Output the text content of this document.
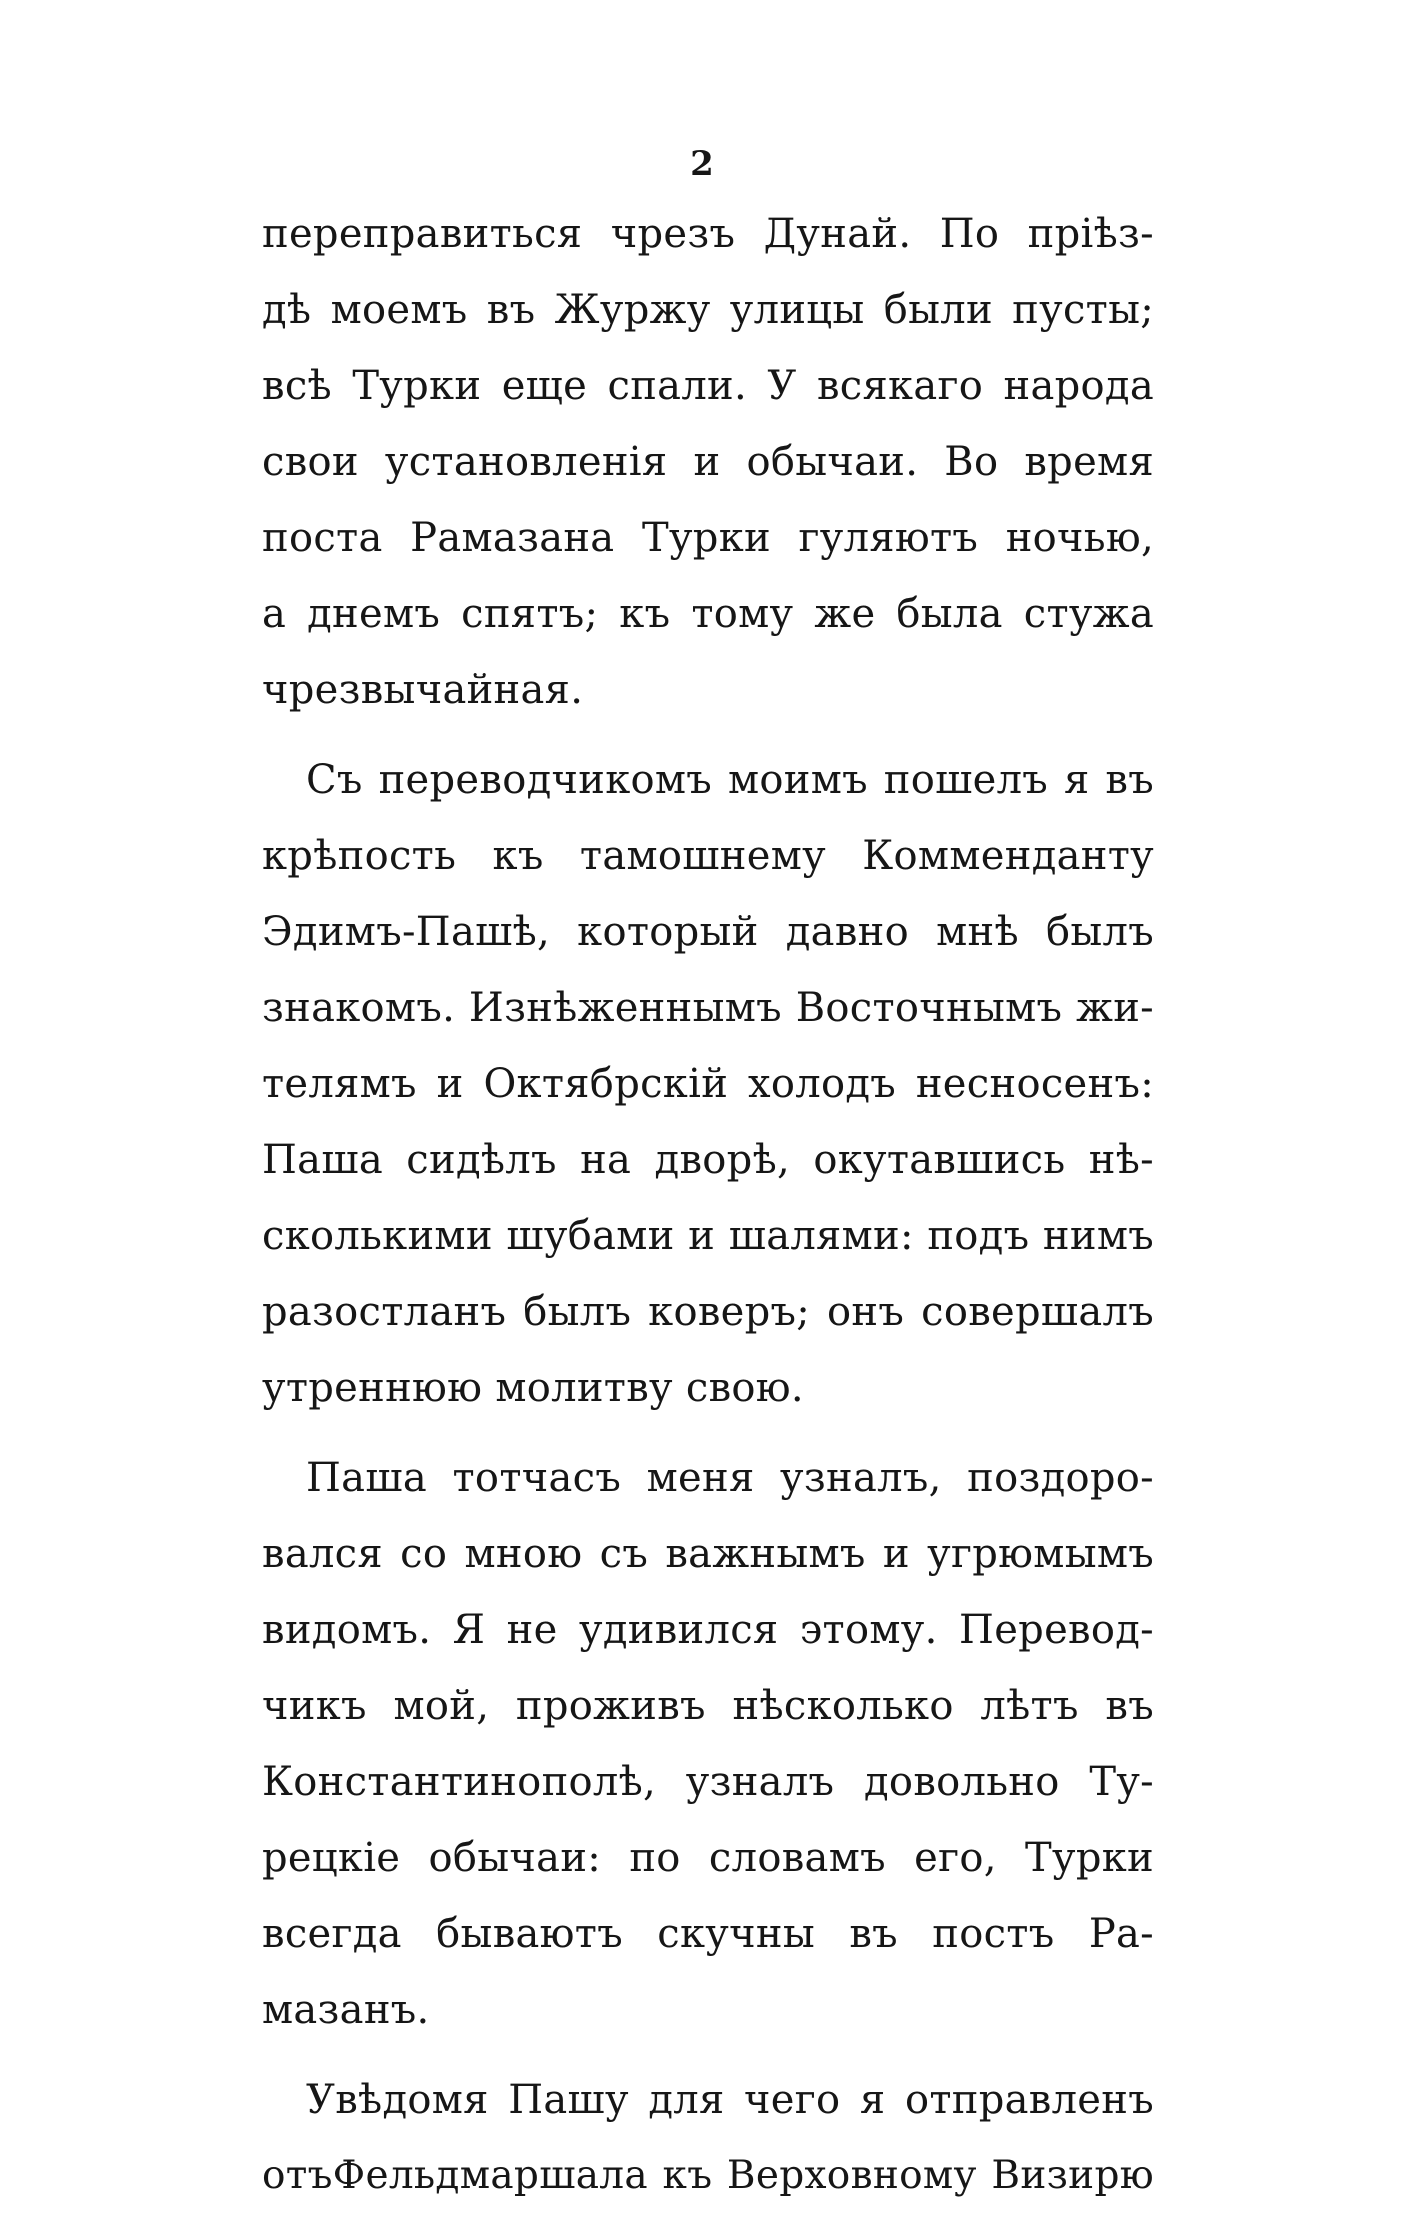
2
переправиться чрезъ Дунай. По пріѣз-
дѣ моемъ въ Журжу улицы были пусты;
всѣ Турки еще спали. У всякаго народа
свои установленія и обычаи. Во время
поста Рамазана Турки гуляютъ ночью,
а днемъ спятъ; къ тому же была стужа
чрезвычайная.
Съ переводчикомъ моимъ пошелъ я въ
крѣпость къ тамошнему Комменданту
Эдимъ-Пашѣ, который давно мнѣ былъ
знакомъ. Изнѣженнымъ Восточнымъ жи-
телямъ и Октябрскій холодъ несносенъ:
Паша сидѣлъ на дворѣ, окутавшись нѣ-
сколькими шубами и шалями: подъ нимъ
разостланъ былъ коверъ; онъ совершалъ
утреннюю молитву свою.
Паша тотчасъ меня узналъ, поздоро-
вался со мною съ важнымъ и угрюмымъ
видомъ. Я не удивился этому. Перевод-
чикъ мой, проживъ нѣсколько лѣтъ въ
Константинополѣ, узналъ довольно Ту-
рецкіе обычаи: по словамъ его, Турки
всегда бываютъ скучны въ постъ Ра-
мазанъ.
Увѣдомя Пашу для чего я отправленъ
отъФельдмаршала къ Верховному Визирю
